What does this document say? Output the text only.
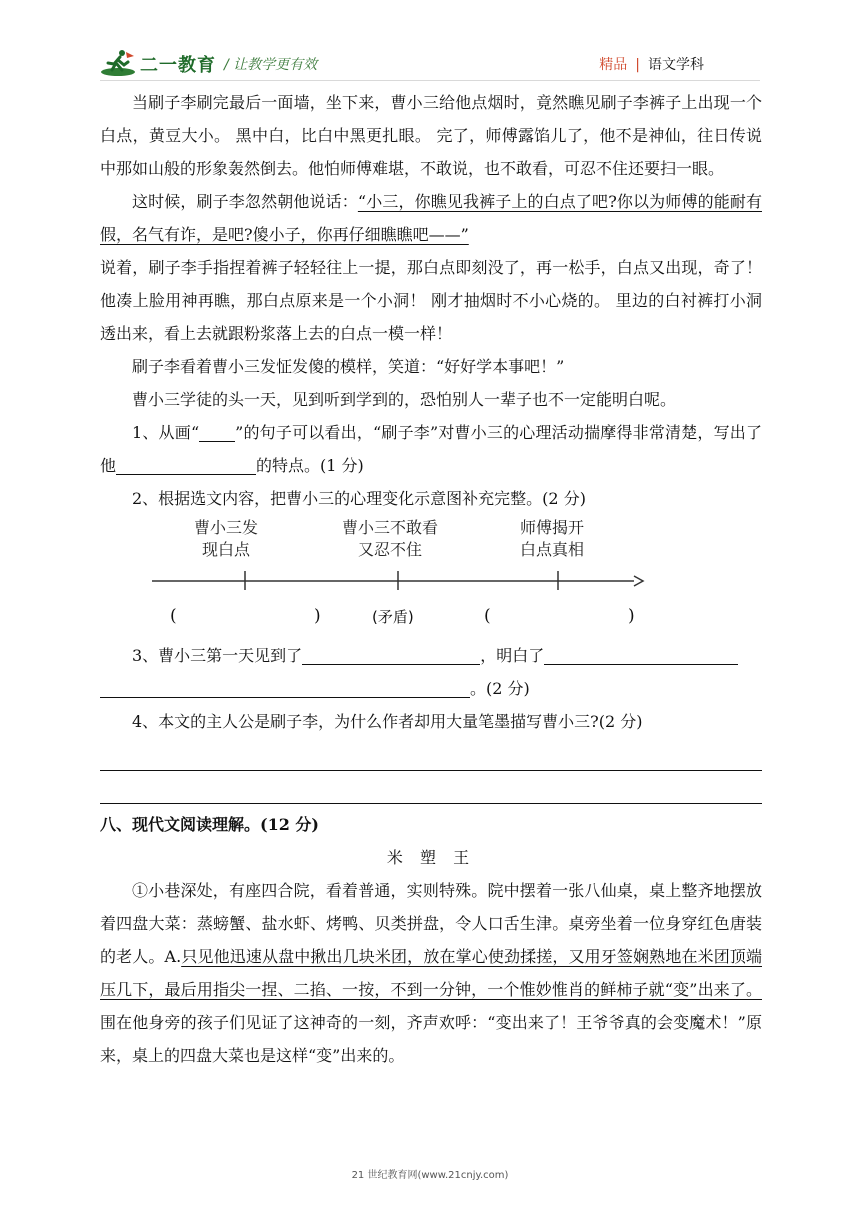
二一教育 / 让教学更有效	精品 | 语文学科

当刷子李刷完最后一面墙，坐下来，曹小三给他点烟时，竟然瞧见刷子李裤子上出现一个白点，黄豆大小。 黑中白，比白中黑更扎眼。 完了，师傅露馅儿了，他不是神仙，往日传说中那如山般的形象轰然倒去。他怕师傅难堪，不敢说，也不敢看，可忍不住还要扫一眼。

这时候，刷子李忽然朝他说话：“小三，你瞧见我裤子上的白点了吧?你以为师傅的能耐有假，名气有诈，是吧?傻小子，你再仔细瞧瞧吧——”

说着，刷子李手指捏着裤子轻轻往上一提，那白点即刻没了，再一松手，白点又出现，奇了！ 他凑上脸用神再瞧，那白点原来是一个小洞！ 刚才抽烟时不小心烧的。 里边的白衬裤打小洞透出来，看上去就跟粉浆落上去的白点一模一样！

刷子李看着曹小三发怔发傻的模样，笑道：“好好学本事吧！”

曹小三学徒的头一天，见到听到学到的，恐怕别人一辈子也不一定能明白呢。

1、从画“ ”的句子可以看出，“刷子李”对曹小三的心理活动揣摩得非常清楚，写出了他	的特点。(1 分)

2、根据选文内容，把曹小三的心理变化示意图补充完整。(2 分)

曹小三发
现白点
曹小三不敢看
又忍不住
师傅揭开
白点真相
(	)	(矛盾)	(	)

3、曹小三第一天见到了	，明白了

。(2 分)

4、本文的主人公是刷子李，为什么作者却用大量笔墨描写曹小三?(2 分)

八、现代文阅读理解。(12 分)

米 塑 王

①小巷深处，有座四合院，看着普通，实则特殊。院中摆着一张八仙桌，桌上整齐地摆放着四盘大菜：蒸螃蟹、盐水虾、烤鸭、贝类拼盘，令人口舌生津。桌旁坐着一位身穿红色唐装的老人。A.只见他迅速从盘中揪出几块米团，放在掌心使劲揉搓，又用牙签娴熟地在米团顶端压几下，最后用指尖一捏、二掐、一按，不到一分钟，一个惟妙惟肖的鲜柿子就“变”出来了。围在他身旁的孩子们见证了这神奇的一刻，齐声欢呼：“变出来了！王爷爷真的会变魔术！”原来，桌上的四盘大菜也是这样“变”出来的。

21 世纪教育网(www.21cnjy.com)
